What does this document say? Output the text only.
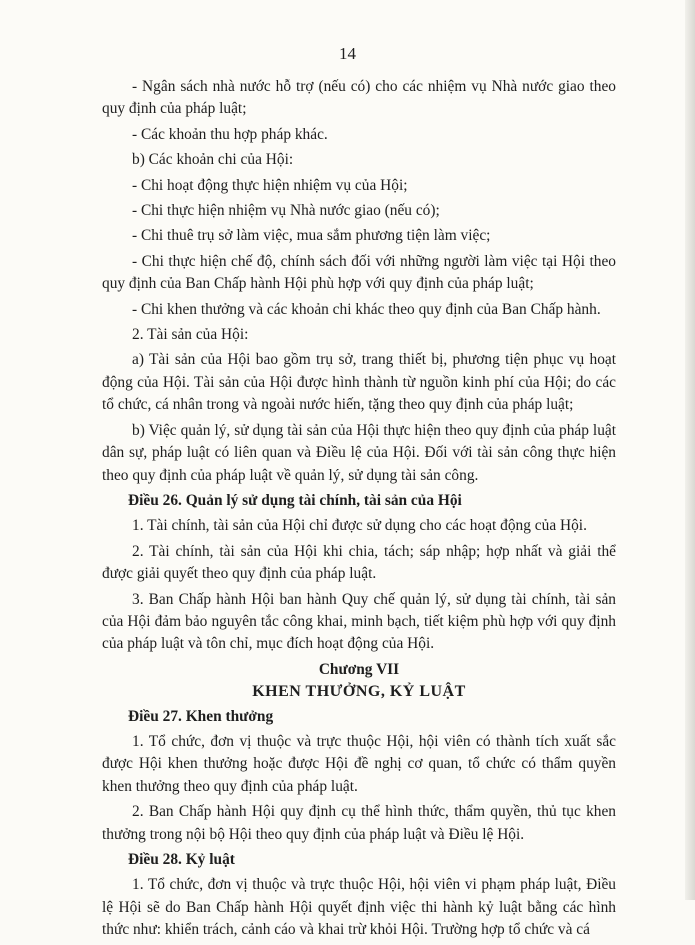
14

- Ngân sách nhà nước hỗ trợ (nếu có) cho các nhiệm vụ Nhà nước giao theo quy định của pháp luật;

- Các khoản thu hợp pháp khác.

b) Các khoản chi của Hội:

- Chi hoạt động thực hiện nhiệm vụ của Hội;

- Chi thực hiện nhiệm vụ Nhà nước giao (nếu có);

- Chi thuê trụ sở làm việc, mua sắm phương tiện làm việc;

- Chi thực hiện chế độ, chính sách đối với những người làm việc tại Hội theo quy định của Ban Chấp hành Hội phù hợp với quy định của pháp luật;

- Chi khen thưởng và các khoản chi khác theo quy định của Ban Chấp hành.

2. Tài sản của Hội:

a) Tài sản của Hội bao gồm trụ sở, trang thiết bị, phương tiện phục vụ hoạt động của Hội. Tài sản của Hội được hình thành từ nguồn kinh phí của Hội; do các tổ chức, cá nhân trong và ngoài nước hiến, tặng theo quy định của pháp luật;

b) Việc quản lý, sử dụng tài sản của Hội thực hiện theo quy định của pháp luật dân sự, pháp luật có liên quan và Điều lệ của Hội. Đối với tài sản công thực hiện theo quy định của pháp luật về quản lý, sử dụng tài sản công.

Điều 26. Quản lý sử dụng tài chính, tài sản của Hội

1. Tài chính, tài sản của Hội chỉ được sử dụng cho các hoạt động của Hội.

2. Tài chính, tài sản của Hội khi chia, tách; sáp nhập; hợp nhất và giải thể được giải quyết theo quy định của pháp luật.

3. Ban Chấp hành Hội ban hành Quy chế quản lý, sử dụng tài chính, tài sản của Hội đảm bảo nguyên tắc công khai, minh bạch, tiết kiệm phù hợp với quy định của pháp luật và tôn chỉ, mục đích hoạt động của Hội.

Chương VII

KHEN THƯỞNG, KỶ LUẬT

Điều 27. Khen thưởng

1. Tổ chức, đơn vị thuộc và trực thuộc Hội, hội viên có thành tích xuất sắc được Hội khen thưởng hoặc được Hội đề nghị cơ quan, tổ chức có thẩm quyền khen thưởng theo quy định của pháp luật.

2. Ban Chấp hành Hội quy định cụ thể hình thức, thẩm quyền, thủ tục khen thưởng trong nội bộ Hội theo quy định của pháp luật và Điều lệ Hội.

Điều 28. Kỷ luật

1. Tổ chức, đơn vị thuộc và trực thuộc Hội, hội viên vi phạm pháp luật, Điều lệ Hội sẽ do Ban Chấp hành Hội quyết định việc thi hành kỷ luật bằng các hình thức như: khiển trách, cảnh cáo và khai trừ khỏi Hội. Trường hợp tổ chức và cá
